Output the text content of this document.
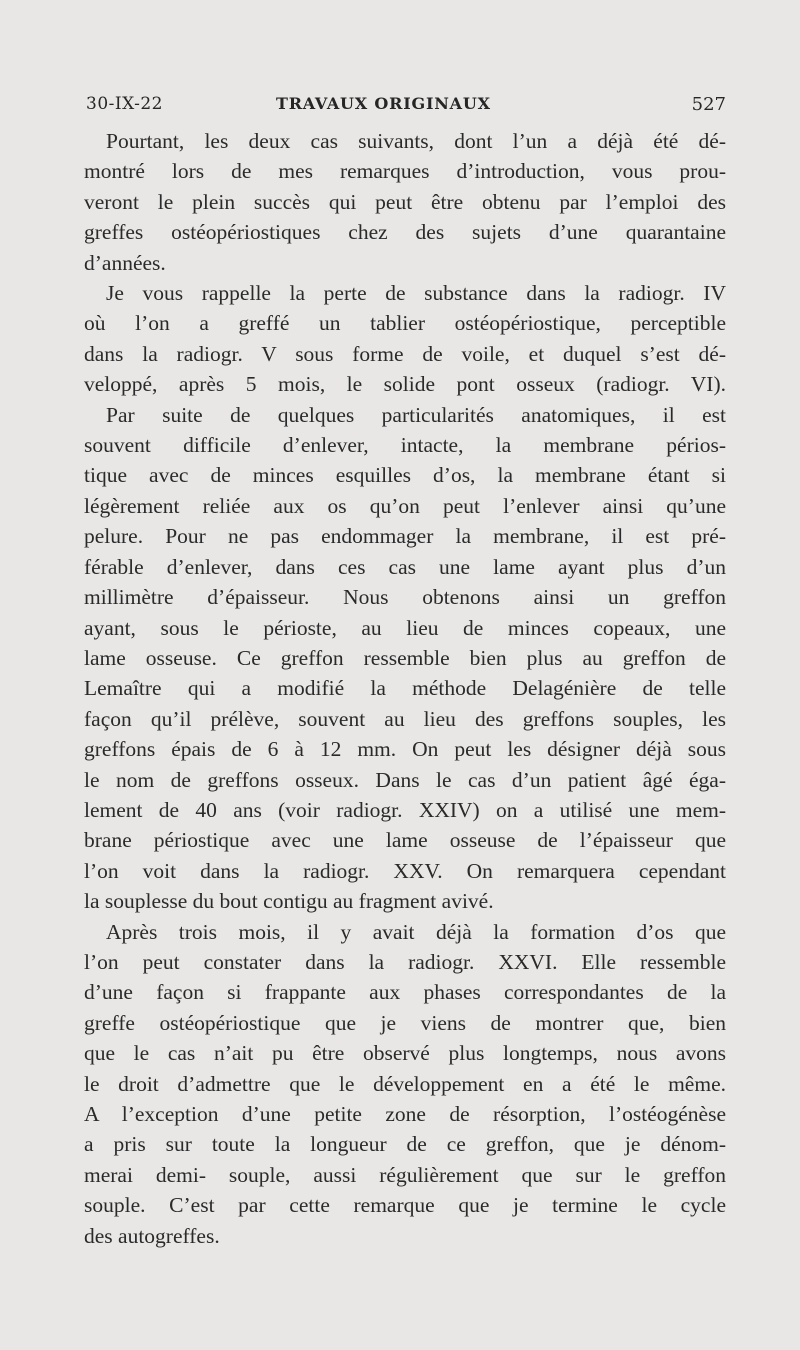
30-IX-22	TRAVAUX ORIGINAUX	527
Pourtant, les deux cas suivants, dont l’un a déjà été dé-
montré lors de mes remarques d’introduction, vous prou-
veront le plein succès qui peut être obtenu par l’emploi des
greffes ostéopériostiques chez des sujets d’une quarantaine
d’années.
Je vous rappelle la perte de substance dans la radiogr. IV
où l’on a greffé un tablier ostéopériostique, perceptible
dans la radiogr. V sous forme de voile, et duquel s’est dé-
veloppé, après 5 mois, le solide pont osseux (radiogr. VI).
Par suite de quelques particularités anatomiques, il est
souvent difficile d’enlever, intacte, la membrane périos-
tique avec de minces esquilles d’os, la membrane étant si
légèrement reliée aux os qu’on peut l’enlever ainsi qu’une
pelure. Pour ne pas endommager la membrane, il est pré-
férable d’enlever, dans ces cas une lame ayant plus d’un
millimètre d’épaisseur. Nous obtenons ainsi un greffon
ayant, sous le périoste, au lieu de minces copeaux, une
lame osseuse. Ce greffon ressemble bien plus au greffon de
Lemaître qui a modifié la méthode Delagénière de telle
façon qu’il prélève, souvent au lieu des greffons souples, les
greffons épais de 6 à 12 mm. On peut les désigner déjà sous
le nom de greffons osseux. Dans le cas d’un patient âgé éga-
lement de 40 ans (voir radiogr. XXIV) on a utilisé une mem-
brane périostique avec une lame osseuse de l’épaisseur que
l’on voit dans la radiogr. XXV. On remarquera cependant
la souplesse du bout contigu au fragment avivé.
Après trois mois, il y avait déjà la formation d’os que
l’on peut constater dans la radiogr. XXVI. Elle ressemble
d’une façon si frappante aux phases correspondantes de la
greffe ostéopériostique que je viens de montrer que, bien
que le cas n’ait pu être observé plus longtemps, nous avons
le droit d’admettre que le développement en a été le même.
A l’exception d’une petite zone de résorption, l’ostéogénèse
a pris sur toute la longueur de ce greffon, que je dénom-
merai demi- souple, aussi régulièrement que sur le greffon
souple. C’est par cette remarque que je termine le cycle
des autogreffes.
